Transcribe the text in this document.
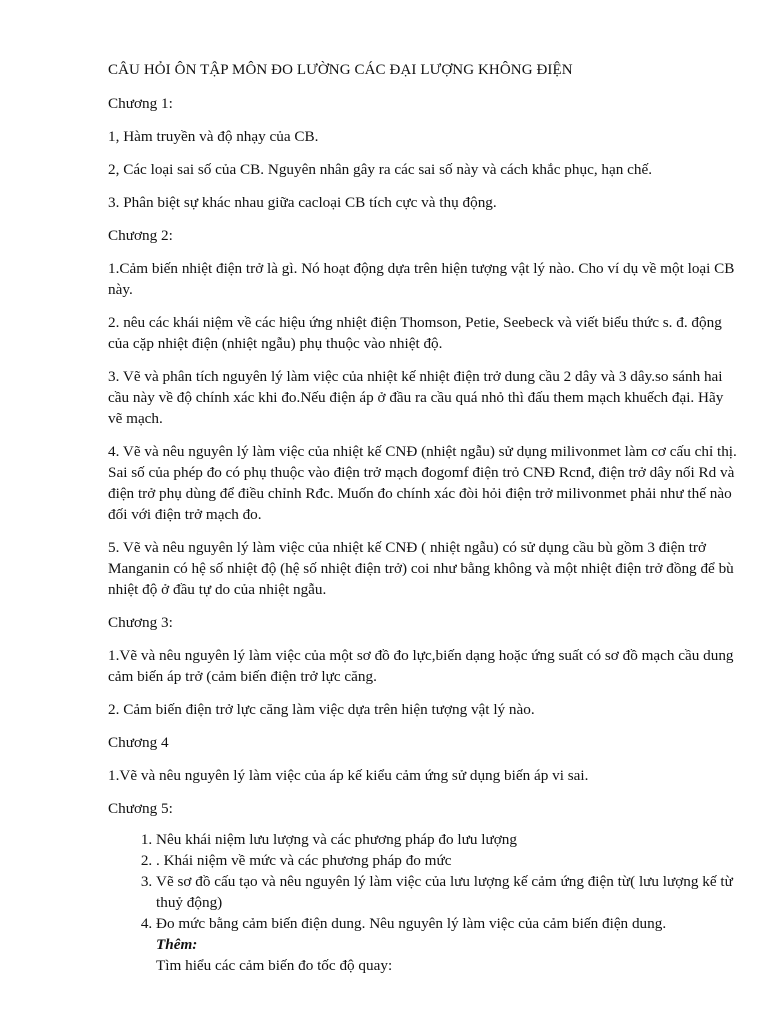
CÂU HỎI ÔN TẬP MÔN ĐO LƯỜNG CÁC ĐẠI LƯỢNG KHÔNG ĐIỆN

Chương 1:

1, Hàm truyền và độ nhạy của CB.

2, Các loại sai số của CB. Nguyên nhân gây ra các sai số này và cách khắc phục, hạn chế.

3. Phân biệt sự khác nhau giữa cacloại CB tích cực và thụ động.

Chương 2:

1.Cảm biến nhiệt điện trở là gì. Nó hoạt động dựa trên hiện tượng vật lý nào. Cho ví dụ về một loại CB này.

2. nêu các khái niệm về các hiệu ứng nhiệt điện Thomson, Petie, Seebeck và viết biểu thức s. đ. động của cặp nhiệt điện (nhiệt ngẫu) phụ thuộc vào nhiệt độ.

3. Vẽ và phân tích nguyên lý làm việc của nhiệt kế nhiệt điện trở dung cầu 2 dây và 3 dây.so sánh hai cầu này về độ chính xác khi đo.Nếu điện áp ở đầu ra cầu quá nhỏ thì đấu them mạch khuếch đại. Hãy vẽ mạch.

4. Vẽ và nêu nguyên lý làm việc của nhiệt kế CNĐ (nhiệt ngẫu) sử dụng milivonmet làm cơ cấu chỉ thị. Sai số của phép đo có phụ thuộc vào điện trở mạch đogomf điện trỏ CNĐ Rcnđ, điện trở dây nối Rd và điện trở phụ dùng để điều chỉnh Rđc. Muốn đo chính xác đòi hỏi điện trở milivonmet phải như thế nào đối với điện trở mạch đo.

5. Vẽ và nêu nguyên lý làm việc của nhiệt kế CNĐ ( nhiệt ngẫu) có sử dụng cầu bù gồm 3 điện trở Manganin có hệ số nhiệt độ (hệ số nhiệt điện trở) coi như bằng không và một nhiệt điện trở đồng để bù nhiệt độ ở đầu tự do của nhiệt ngẫu.

Chương 3:

1.Vẽ và nêu nguyên lý làm việc của một sơ đồ đo lực,biến dạng hoặc ứng suất có sơ đồ mạch cầu dung cảm biến áp trở (cảm biến điện trở lực căng.

2. Cảm biến điện trở lực căng làm việc dựa trên hiện tượng vật lý nào.

Chương 4

1.Vẽ và nêu nguyên lý làm việc của áp kế kiểu cảm ứng sử dụng biến áp vi sai.

Chương 5:

1. Nêu khái niệm lưu lượng và các phương pháp đo lưu lượng
2. . Khái niệm về mức và các phương pháp đo mức
3. Vẽ sơ đồ cấu tạo và nêu nguyên lý làm việc của lưu lượng kế cảm ứng điện từ( lưu lượng kế từ thuỷ động)
4. Đo mức bằng cảm biến điện dung. Nêu nguyên lý làm việc của cảm biến điện dung.
Thêm:
Tìm hiểu các cảm biến đo tốc độ quay:
